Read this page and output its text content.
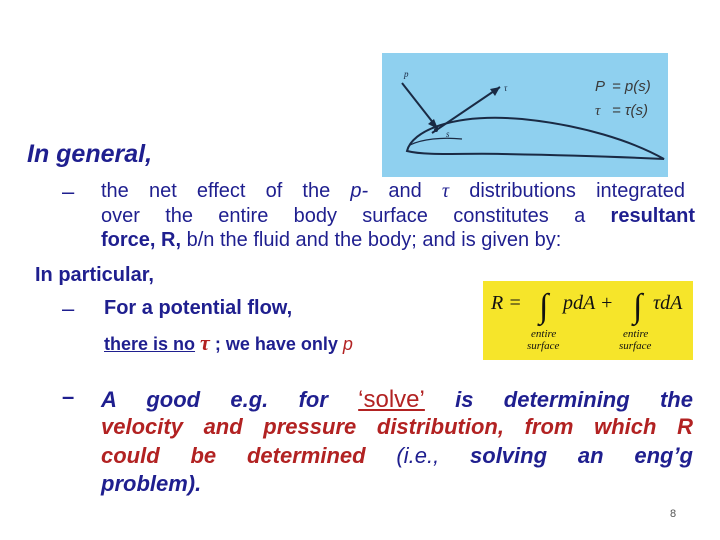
p
τ
s
P = p(s)
τ = τ(s)
In general,
– the net effect of the p- and τ distributions integrated
over the entire body surface constitutes a resultant
force, R, b/n the fluid and the body; and is given by:
In particular,
– For a potential flow,
there is no τ ; we have only p
R = ∫ pdA + ∫ τdA
entire
surface
entire
surface
– A good e.g. for ‘solve’ is determining the
velocity and pressure distribution, from which R
could be determined (i.e., solving an eng’g
problem).
8
